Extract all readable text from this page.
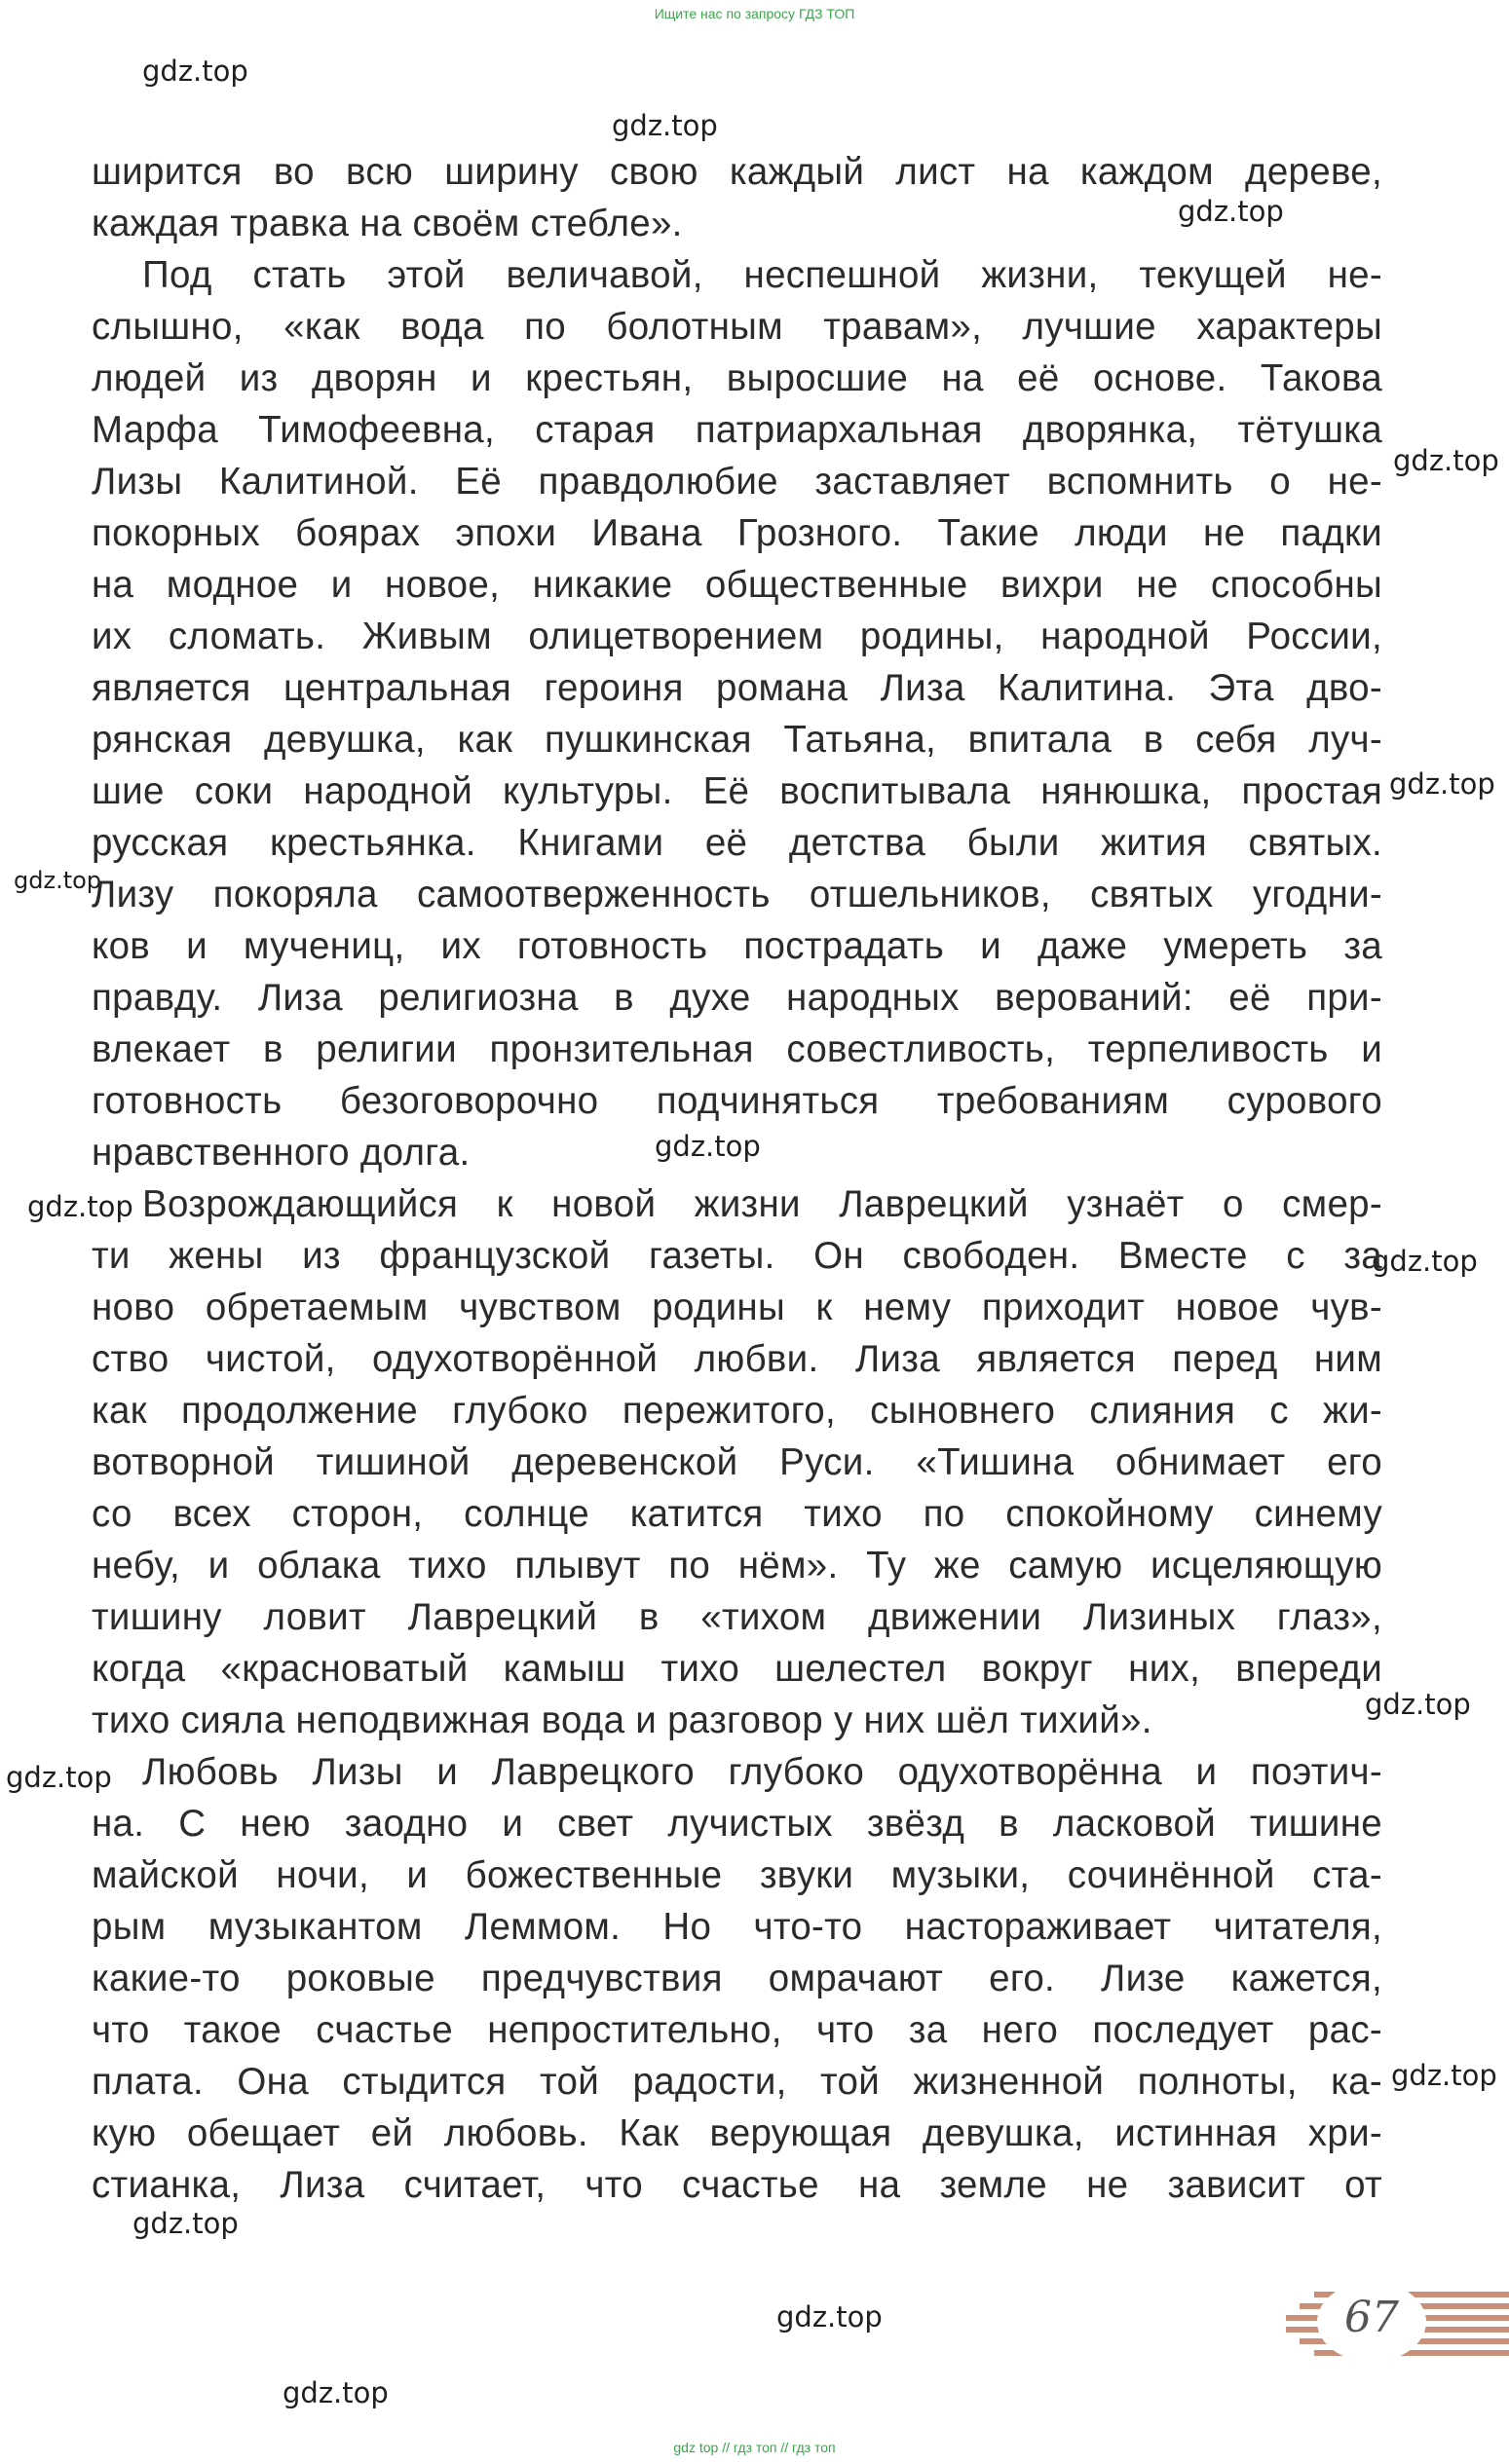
Ищите нас по запросу ГДЗ ТОП
gdz.top
gdz.top
gdz.top
gdz.top
gdz.top
gdz.top
gdz.top
gdz.top
gdz.top
gdz.top
gdz.top
gdz.top
gdz.top
gdz.top
gdz.top
ширится во всю ширину свою каждый лист на каждом дереве,
каждая травка на своём стебле».
Под стать этой величавой, неспешной жизни, текущей не-
слышно, «как вода по болотным травам», лучшие характеры
людей из дворян и крестьян, выросшие на её основе. Такова
Марфа Тимофеевна, старая патриархальная дворянка, тётушка
Лизы Калитиной. Её правдолюбие заставляет вспомнить о не-
покорных боярах эпохи Ивана Грозного. Такие люди не падки
на модное и новое, никакие общественные вихри не способны
их сломать. Живым олицетворением родины, народной России,
является центральная героиня романа Лиза Калитина. Эта дво-
рянская девушка, как пушкинская Татьяна, впитала в себя луч-
шие соки народной культуры. Её воспитывала нянюшка, простая
русская крестьянка. Книгами её детства были жития святых.
Лизу покоряла самоотверженность отшельников, святых угодни-
ков и мучениц, их готовность пострадать и даже умереть за
правду. Лиза религиозна в духе народных верований: её при-
влекает в религии пронзительная совестливость, терпеливость и
готовность безоговорочно подчиняться требованиям сурового
нравственного долга.
Возрождающийся к новой жизни Лаврецкий узнаёт о смер-
ти жены из французской газеты. Он свободен. Вместе с за
ново обретаемым чувством родины к нему приходит новое чув-
ство чистой, одухотворённой любви. Лиза является перед ним
как продолжение глубоко пережитого, сыновнего слияния с жи-
вотворной тишиной деревенской Руси. «Тишина обнимает его
со всех сторон, солнце катится тихо по спокойному синему
небу, и облака тихо плывут по нём». Ту же самую исцеляющую
тишину ловит Лаврецкий в «тихом движении Лизиных глаз»,
когда «красноватый камыш тихо шелестел вокруг них, впереди
тихо сияла неподвижная вода и разговор у них шёл тихий».
Любовь Лизы и Лаврецкого глубоко одухотворённа и поэтич-
на. С нею заодно и свет лучистых звёзд в ласковой тишине
майской ночи, и божественные звуки музыки, сочинённой ста-
рым музыкантом Леммом. Но что-то настораживает читателя,
какие-то роковые предчувствия омрачают его. Лизе кажется,
что такое счастье непростительно, что за него последует рас-
плата. Она стыдится той радости, той жизненной полноты, ка-
кую обещает ей любовь. Как верующая девушка, истинная хри-
стианка, Лиза считает, что счастье на земле не зависит от
67
gdz top // гдз топ // гдз топ
